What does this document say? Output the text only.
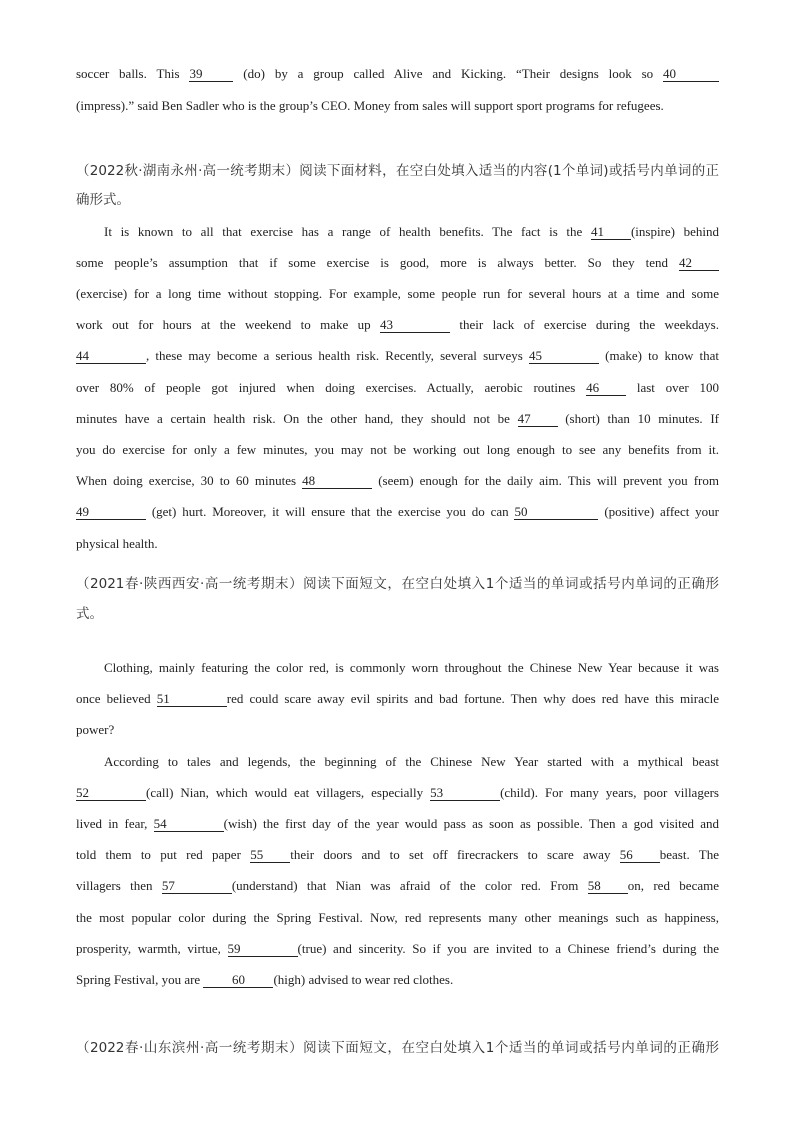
soccer balls. This 39 (do) by a group called Alive and Kicking. “Their designs look so 40
(impress).” said Ben Sadler who is the group’s CEO. Money from sales will support sport programs for refugees.
（2022秋·湖南永州·高一统考期末）阅读下面材料，在空白处填入适当的内容(1个单词)或括号内单词的正
确形式。
It is known to all that exercise has a range of health benefits. The fact is the 41 (inspire) behind
some people’s assumption that if some exercise is good, more is always better. So they tend 42
(exercise) for a long time without stopping. For example, some people run for several hours at a time and some
work out for hours at the weekend to make up 43	their lack of exercise during the weekdays.
44	, these may become a serious health risk. Recently, several surveys 45	(make) to know that
over 80% of people got injured when doing exercises. Actually, aerobic routines 46 last over 100
minutes have a certain health risk. On the other hand, they should not be 47 (short) than 10 minutes. If
you do exercise for only a few minutes, you may not be working out long enough to see any benefits from it.
When doing exercise, 30 to 60 minutes 48	(seem) enough for the daily aim. This will prevent you from
49	(get) hurt. Moreover, it will ensure that the exercise you do can 50	(positive) affect your
physical health.
（2021春·陕西西安·高一统考期末）阅读下面短文，在空白处填入1个适当的单词或括号内单词的正确形
式。
Clothing, mainly featuring the color red, is commonly worn throughout the Chinese New Year because it was
once believed 51	red could scare away evil spirits and bad fortune. Then why does red have this miracle
power?
According to tales and legends, the beginning of the Chinese New Year started with a mythical beast
52	(call) Nian, which would eat villagers, especially 53	(child). For many years, poor villagers
lived in fear, 54	(wish) the first day of the year would pass as soon as possible. Then a god visited and
told them to put red paper 55 their doors and to set off firecrackers to scare away 56 beast. The
villagers then 57	(understand) that Nian was afraid of the color red. From 58 on, red became
the most popular color during the Spring Festival. Now, red represents many other meanings such as happiness,
prosperity, warmth, virtue, 59	(true) and sincerity. So if you are invited to a Chinese friend’s during the
Spring Festival, you are 60 (high) advised to wear red clothes.
（2022春·山东滨州·高一统考期末）阅读下面短文，在空白处填入1个适当的单词或括号内单词的正确形
